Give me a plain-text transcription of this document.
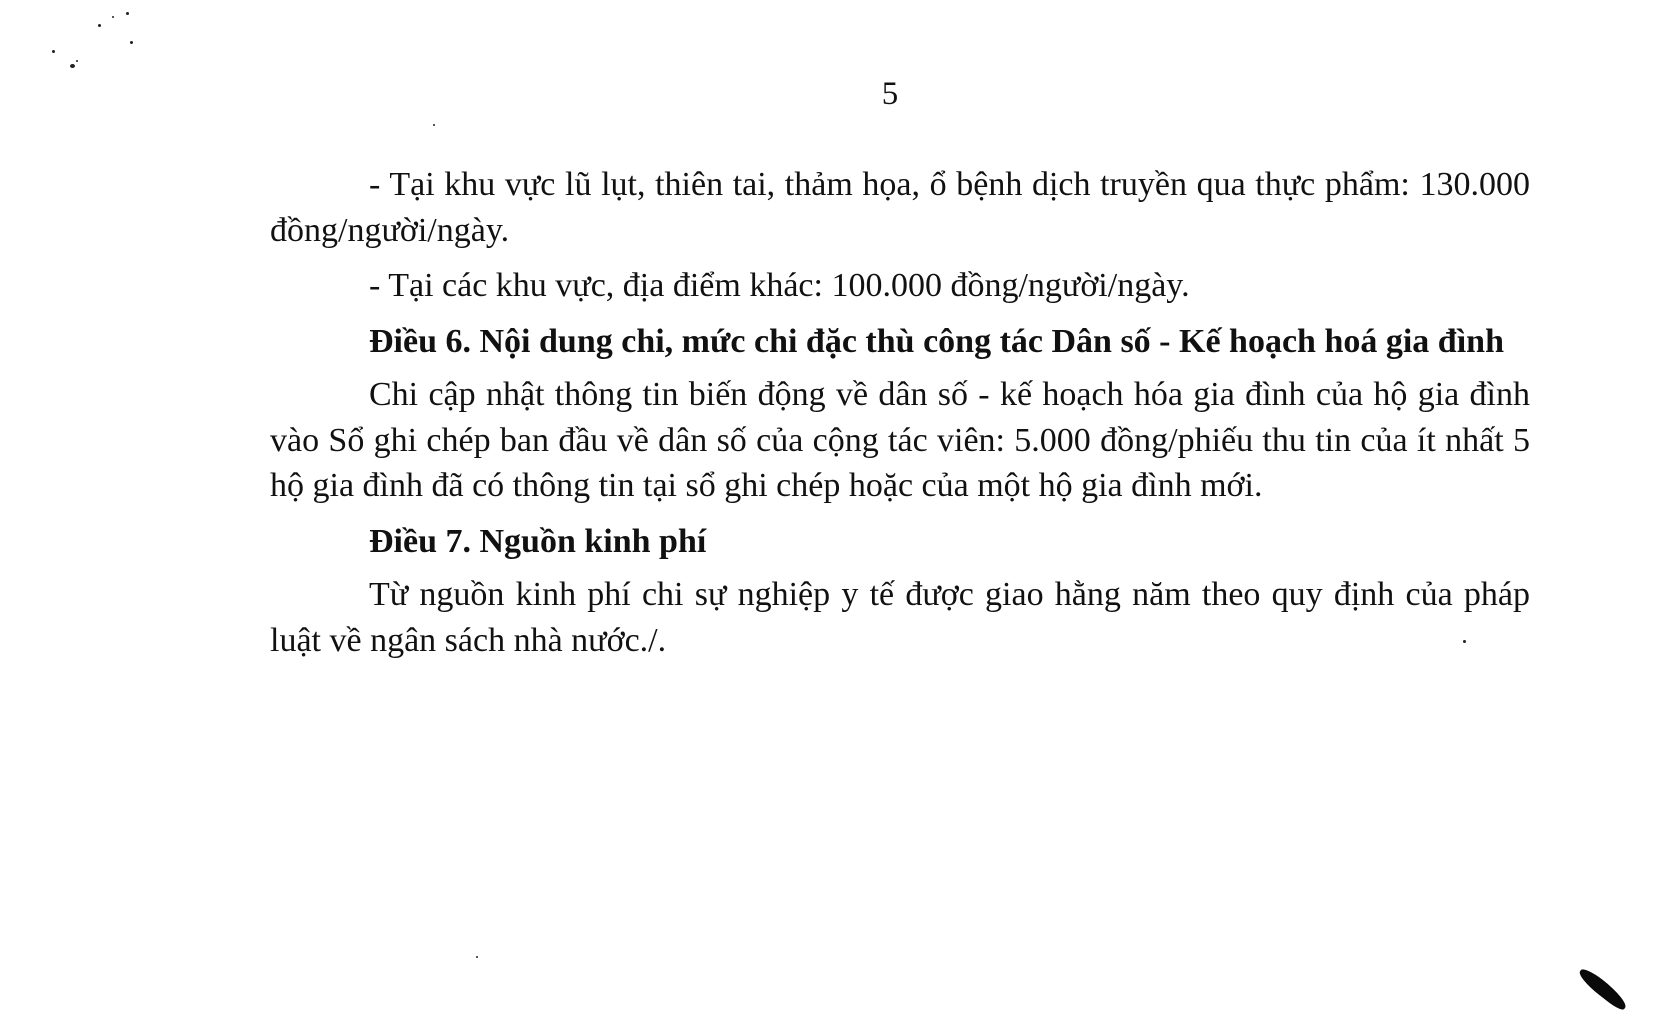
5

- Tại khu vực lũ lụt, thiên tai, thảm họa, ổ bệnh dịch truyền qua thực phẩm: 130.000 đồng/người/ngày.

- Tại các khu vực, địa điểm khác: 100.000 đồng/người/ngày.

Điều 6. Nội dung chi, mức chi đặc thù công tác Dân số - Kế hoạch hoá gia đình

Chi cập nhật thông tin biến động về dân số - kế hoạch hóa gia đình của hộ gia đình vào Sổ ghi chép ban đầu về dân số của cộng tác viên: 5.000 đồng/phiếu thu tin của ít nhất 5 hộ gia đình đã có thông tin tại sổ ghi chép hoặc của một hộ gia đình mới.

Điều 7. Nguồn kinh phí

Từ nguồn kinh phí chi sự nghiệp y tế được giao hằng năm theo quy định của pháp luật về ngân sách nhà nước./.
